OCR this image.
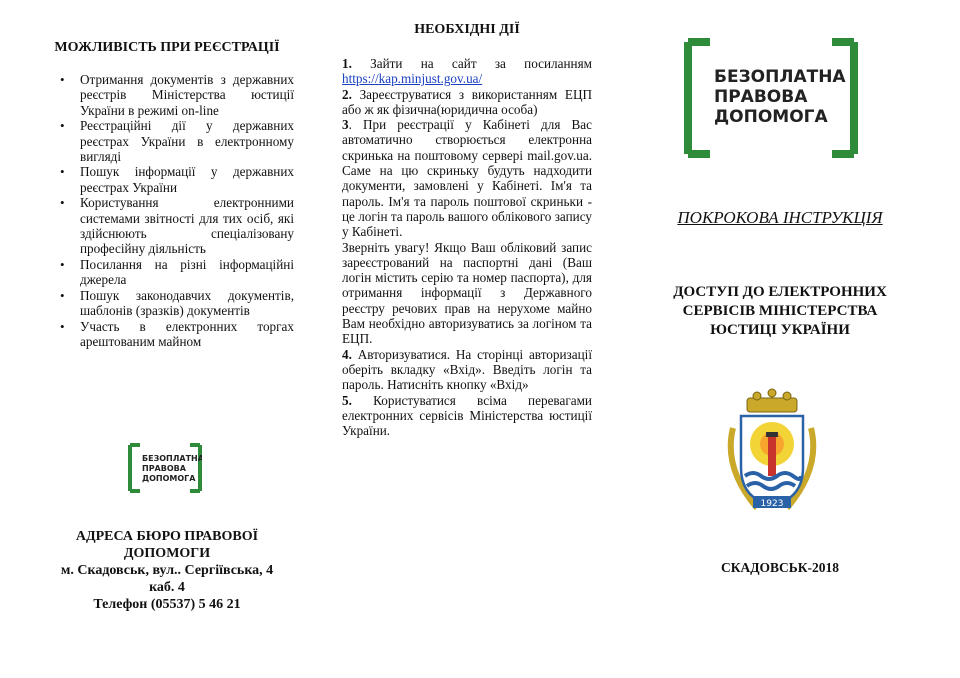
МОЖЛИВІСТЬ ПРИ РЕЄСТРАЦІЇ
• Отримання документів з державних реєстрів Міністерства юстиції України в режимі on-line
• Реєстраційні дії у державних реєстрах України в електронному вигляді
• Пошук інформації у державних реєстрах України
• Користування електронними системами звітності для тих осіб, які здійснюють спеціалізовану професійну діяльність
• Посилання на різні інформаційні джерела
• Пошук законодавчих документів, шаблонів (зразків) документів
• Участь в електронних торгах арештованим майном
БЕЗОПЛАТНА
ПРАВОВА
ДОПОМОГА
АДРЕСА БЮРО ПРАВОВОЇ
ДОПОМОГИ
м. Скадовськ, вул.. Сергіївська, 4
каб. 4
Телефон (05537) 5 46 21
НЕОБХІДНІ ДІЇ

1. Зайти на сайт за посиланням https://kap.minjust.gov.ua/

2. Зареєструватися з використанням ЕЦП або ж як фізична(юридична особа)

3. При реєстрації у Кабінеті для Вас автоматично створюється електронна скринька на поштовому сервері mail.gov.ua. Саме на цю скриньку будуть надходити документи, замовлені у Кабінеті. Ім'я та пароль. Ім'я та пароль поштової скриньки - це логін та пароль вашого облікового запису у Кабінеті.

Зверніть увагу! Якщо Ваш обліковий запис зареєстрований на паспортні дані (Ваш логін містить серію та номер паспорта), для отримання інформації з Державного реєстру речових прав на нерухоме майно Вам необхідно авторизуватись за логіном та ЕЦП.

4. Авторизуватися. На сторінці авторизації оберіть вкладку «Вхід». Введіть логін та пароль. Натисніть кнопку «Вхід»

5. Користуватися всіма перевагами електронних сервісів Міністерства юстиції України.

БЕЗОПЛАТНА
ПРАВОВА
ДОПОМОГА
ПОКРОКОВА ІНСТРУКЦІЯ
ДОСТУП ДО ЕЛЕКТРОННИХ
СЕРВІСІВ МІНІСТЕРСТВА
ЮСТИЦІ УКРАЇНИ
1923
СКАДОВСЬК-2018
